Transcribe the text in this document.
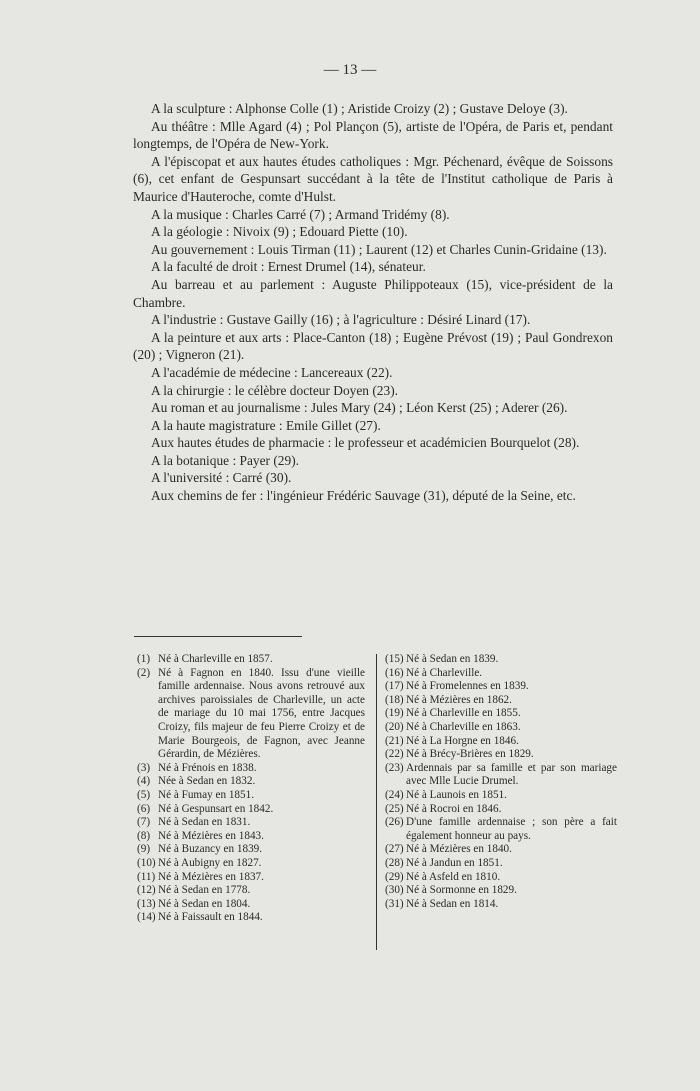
— 13 —

A la sculpture : Alphonse Colle (1) ; Aristide Croizy (2) ; Gustave Deloye (3).

Au théâtre : Mlle Agard (4) ; Pol Plançon (5), artiste de l'Opéra, de Paris et, pendant longtemps, de l'Opéra de New-York.

A l'épiscopat et aux hautes études catholiques : Mgr. Péchenard, évêque de Soissons (6), cet enfant de Gespunsart succédant à la tête de l'Institut catholique de Paris à Maurice d'Hauteroche, comte d'Hulst.

A la musique : Charles Carré (7) ; Armand Tridémy (8).

A la géologie : Nivoix (9) ; Edouard Piette (10).

Au gouvernement : Louis Tirman (11) ; Laurent (12) et Charles Cunin-Gridaine (13).

A la faculté de droit : Ernest Drumel (14), sénateur.

Au barreau et au parlement : Auguste Philippoteaux (15), vice-président de la Chambre.

A l'industrie : Gustave Gailly (16) ; à l'agriculture : Désiré Linard (17).

A la peinture et aux arts : Place-Canton (18) ; Eugène Prévost (19) ; Paul Gondrexon (20) ; Vigneron (21).

A l'académie de médecine : Lancereaux (22).

A la chirurgie : le célèbre docteur Doyen (23).

Au roman et au journalisme : Jules Mary (24) ; Léon Kerst (25) ; Aderer (26).

A la haute magistrature : Emile Gillet (27).

Aux hautes études de pharmacie : le professeur et académicien Bourquelot (28).

A la botanique : Payer (29).

A l'université : Carré (30).

Aux chemins de fer : l'ingénieur Frédéric Sauvage (31), député de la Seine, etc.

(1) Né à Charleville en 1857.
(2) Né à Fagnon en 1840. Issu d'une vieille famille ardennaise. Nous avons retrouvé aux archives paroissiales de Charleville, un acte de mariage du 10 mai 1756, entre Jacques Croizy, fils majeur de feu Pierre Croizy et de Marie Bourgeois, de Fagnon, avec Jeanne Gérardin, de Mézières.
(3) Né à Frénois en 1838.
(4) Née à Sedan en 1832.
(5) Né à Fumay en 1851.
(6) Né à Gespunsart en 1842.
(7) Né à Sedan en 1831.
(8) Né à Mézières en 1843.
(9) Né à Buzancy en 1839.
(10) Né à Aubigny en 1827.
(11) Né à Mézières en 1837.
(12) Né à Sedan en 1778.
(13) Né à Sedan en 1804.
(14) Né à Faissault en 1844.
(15) Né à Sedan en 1839.
(16) Né à Charleville.
(17) Né à Fromelennes en 1839.
(18) Né à Mézières en 1862.
(19) Né à Charleville en 1855.
(20) Né à Charleville en 1863.
(21) Né à La Horgne en 1846.
(22) Né à Brécy-Brières en 1829.
(23) Ardennais par sa famille et par son mariage avec Mlle Lucie Drumel.
(24) Né à Launois en 1851.
(25) Né à Rocroi en 1846.
(26) D'une famille ardennaise ; son père a fait également honneur au pays.
(27) Né à Mézières en 1840.
(28) Né à Jandun en 1851.
(29) Né à Asfeld en 1810.
(30) Né à Sormonne en 1829.
(31) Né à Sedan en 1814.
